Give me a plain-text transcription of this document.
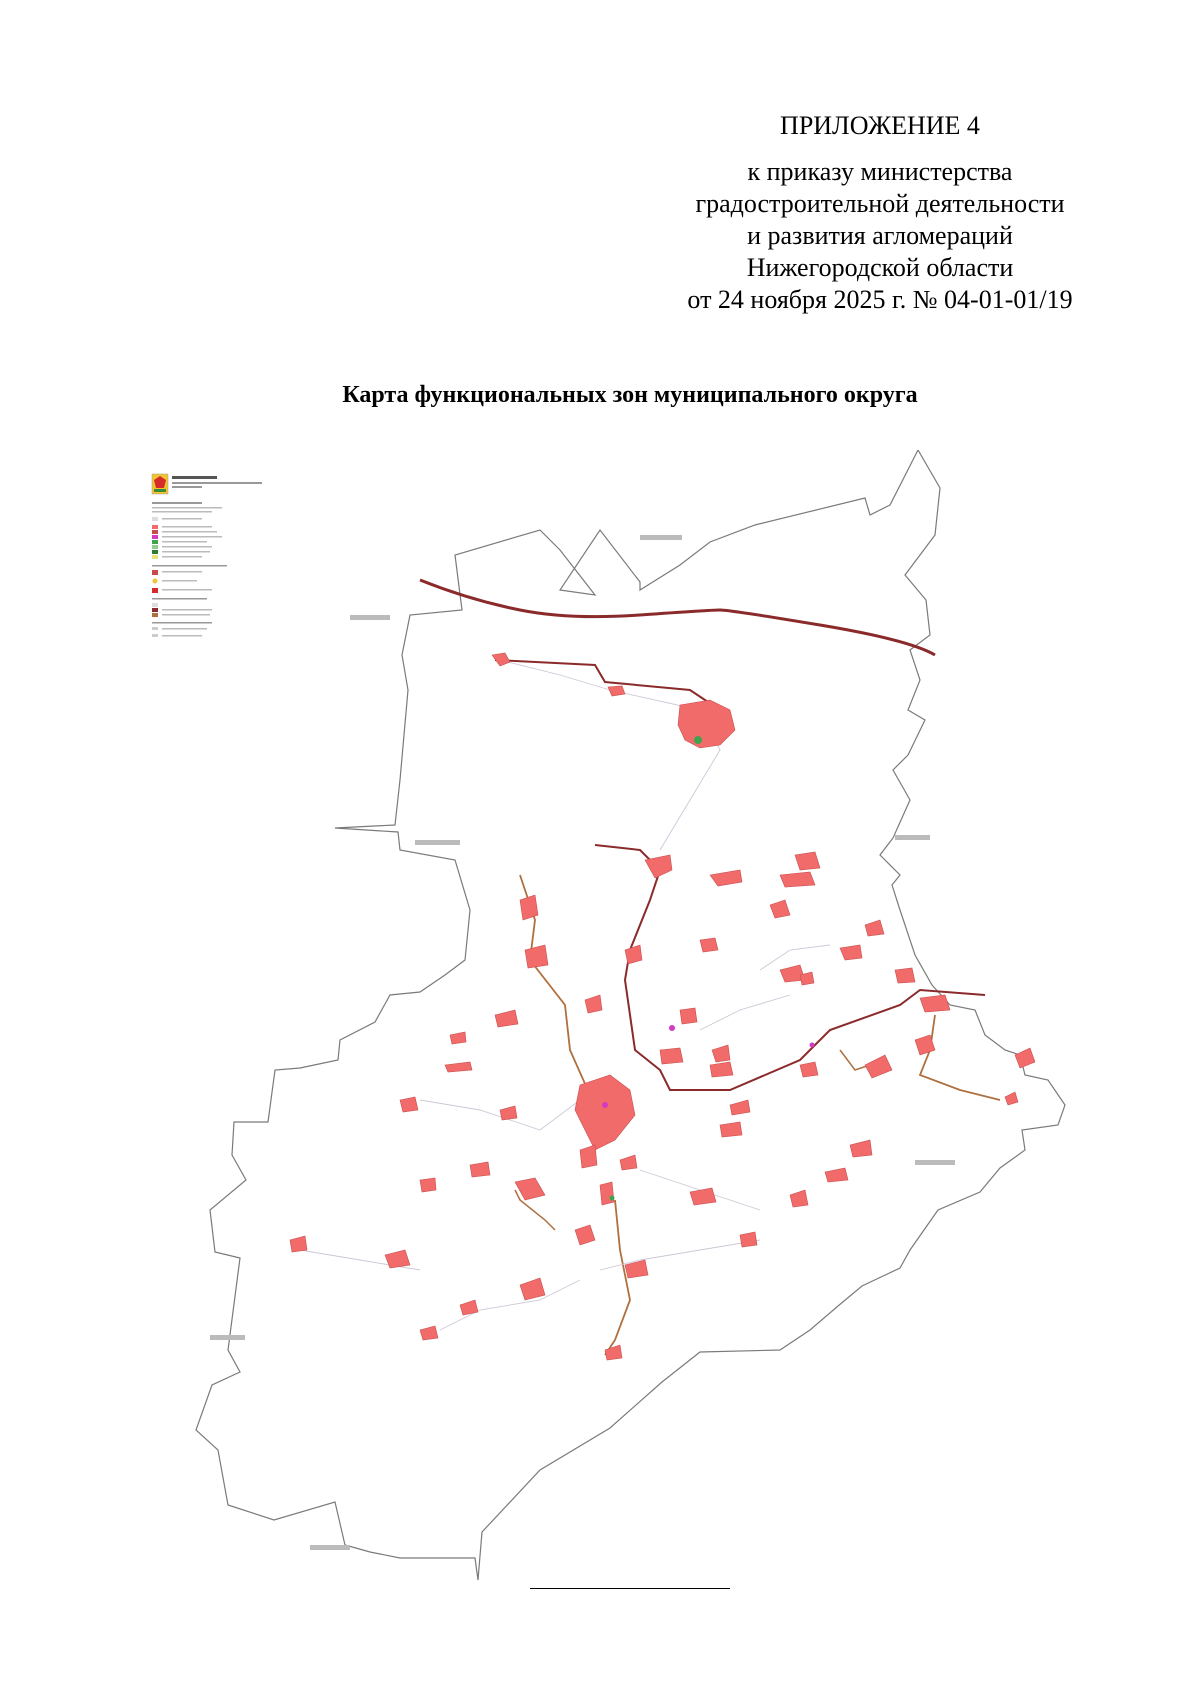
ПРИЛОЖЕНИЕ 4
к приказу министерства
градостроительной деятельности
и развития агломераций
Нижегородской области
от 24 ноября 2025 г. № 04-01-01/19
Карта функциональных зон муниципального округа
